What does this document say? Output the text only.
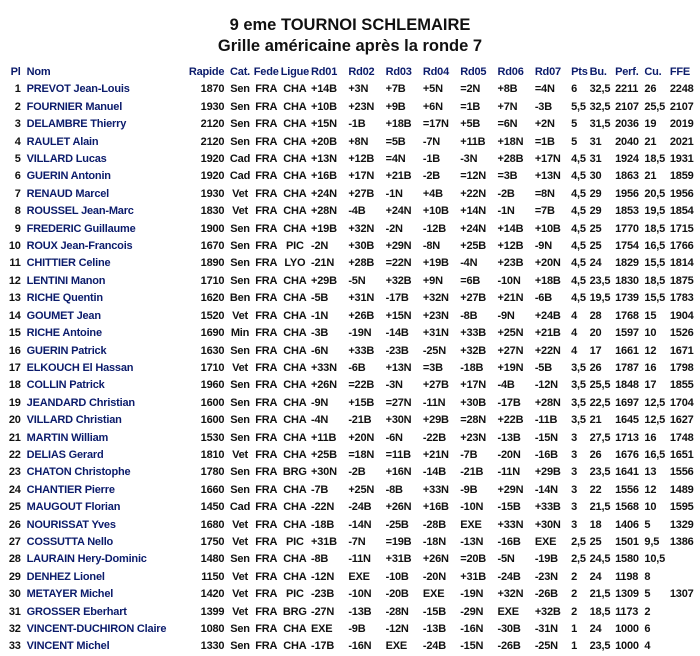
9 eme TOURNOI SCHLEMAIRE
Grille américaine après la ronde 7
Pl	Nom	Rapide	Cat.	Fede	Ligue	Rd01	Rd02	Rd03	Rd04	Rd05	Rd06	Rd07	Pts	Bu.	Perf.	Cu.	FFE
1	PREVOT Jean-Louis	1870	Sen	FRA	CHA	+14B	+3N	+7B	+5N	=2N	+8B	=4N	6	32,5	2211	26	2248
2	FOURNIER Manuel	1930	Sen	FRA	CHA	+10B	+23N	+9B	+6N	=1B	+7N	-3B	5,5	32,5	2107	25,5	2107
3	DELAMBRE Thierry	2120	Sen	FRA	CHA	+15N	-1B	+18B	=17N	+5B	=6N	+2N	5	31,5	2036	19	2019
4	RAULET Alain	2120	Sen	FRA	CHA	+20B	+8N	=5B	-7N	+11B	+18N	=1B	5	31	2040	21	2021
5	VILLARD Lucas	1920	Cad	FRA	CHA	+13N	+12B	=4N	-1B	-3N	+28B	+17N	4,5	31	1924	18,5	1931
6	GUERIN Antonin	1920	Cad	FRA	CHA	+16B	+17N	+21B	-2B	=12N	=3B	+13N	4,5	30	1863	21	1859
7	RENAUD Marcel	1930	Vet	FRA	CHA	+24N	+27B	-1N	+4B	+22N	-2B	=8N	4,5	29	1956	20,5	1956
8	ROUSSEL Jean-Marc	1830	Vet	FRA	CHA	+28N	-4B	+24N	+10B	+14N	-1N	=7B	4,5	29	1853	19,5	1854
9	FREDERIC Guillaume	1900	Sen	FRA	CHA	+19B	+32N	-2N	-12B	+24N	+14B	+10B	4,5	25	1770	18,5	1715
10	ROUX Jean-Francois	1670	Sen	FRA	PIC	-2N	+30B	+29N	-8N	+25B	+12B	-9N	4,5	25	1754	16,5	1766
11	CHITTIER Celine	1890	Sen	FRA	LYO	-21N	+28B	=22N	+19B	-4N	+23B	+20N	4,5	24	1829	15,5	1814
12	LENTINI Manon	1710	Sen	FRA	CHA	+29B	-5N	+32B	+9N	=6B	-10N	+18B	4,5	23,5	1830	18,5	1875
13	RICHE Quentin	1620	Ben	FRA	CHA	-5B	+31N	-17B	+32N	+27B	+21N	-6B	4,5	19,5	1739	15,5	1783
14	GOUMET Jean	1520	Vet	FRA	CHA	-1N	+26B	+15N	+23N	-8B	-9N	+24B	4	28	1768	15	1904
15	RICHE Antoine	1690	Min	FRA	CHA	-3B	-19N	-14B	+31N	+33B	+25N	+21B	4	20	1597	10	1526
16	GUERIN Patrick	1630	Sen	FRA	CHA	-6N	+33B	-23B	-25N	+32B	+27N	+22N	4	17	1661	12	1671
17	ELKOUCH El Hassan	1710	Vet	FRA	CHA	+33N	-6B	+13N	=3B	-18B	+19N	-5B	3,5	26	1787	16	1798
18	COLLIN Patrick	1960	Sen	FRA	CHA	+26N	=22B	-3N	+27B	+17N	-4B	-12N	3,5	25,5	1848	17	1855
19	JEANDARD Christian	1600	Sen	FRA	CHA	-9N	+15B	=27N	-11N	+30B	-17B	+28N	3,5	22,5	1697	12,5	1704
20	VILLARD Christian	1600	Sen	FRA	CHA	-4N	-21B	+30N	+29B	=28N	+22B	-11B	3,5	21	1645	12,5	1627
21	MARTIN William	1530	Sen	FRA	CHA	+11B	+20N	-6N	-22B	+23N	-13B	-15N	3	27,5	1713	16	1748
22	DELIAS Gerard	1810	Vet	FRA	CHA	+25B	=18N	=11B	+21N	-7B	-20N	-16B	3	26	1676	16,5	1651
23	CHATON Christophe	1780	Sen	FRA	BRG	+30N	-2B	+16N	-14B	-21B	-11N	+29B	3	23,5	1641	13	1556
24	CHANTIER Pierre	1660	Sen	FRA	CHA	-7B	+25N	-8B	+33N	-9B	+29N	-14N	3	22	1556	12	1489
25	MAUGOUT Florian	1450	Cad	FRA	CHA	-22N	-24B	+26N	+16B	-10N	-15B	+33B	3	21,5	1568	10	1595
26	NOURISSAT Yves	1680	Vet	FRA	CHA	-18B	-14N	-25B	-28B	EXE	+33N	+30N	3	18	1406	5	1329
27	COSSUTTA Nello	1750	Vet	FRA	PIC	+31B	-7N	=19B	-18N	-13N	-16B	EXE	2,5	25	1501	9,5	1386
28	LAURAIN Hery-Dominic	1480	Sen	FRA	CHA	-8B	-11N	+31B	+26N	=20B	-5N	-19B	2,5	24,5	1580	10,5	
29	DENHEZ Lionel	1150	Vet	FRA	CHA	-12N	EXE	-10B	-20N	+31B	-24B	-23N	2	24	1198	8	
30	METAYER Michel	1420	Vet	FRA	PIC	-23B	-10N	-20B	EXE	-19N	+32N	-26B	2	21,5	1309	5	1307
31	GROSSER Eberhart	1399	Vet	FRA	BRG	-27N	-13B	-28N	-15B	-29N	EXE	+32B	2	18,5	1173	2	
32	VINCENT-DUCHIRON Claire	1080	Sen	FRA	CHA	EXE	-9B	-12N	-13B	-16N	-30B	-31N	1	24	1000	6	
33	VINCENT Michel	1330	Sen	FRA	CHA	-17B	-16N	EXE	-24B	-15N	-26B	-25N	1	23,5	1000	4	
